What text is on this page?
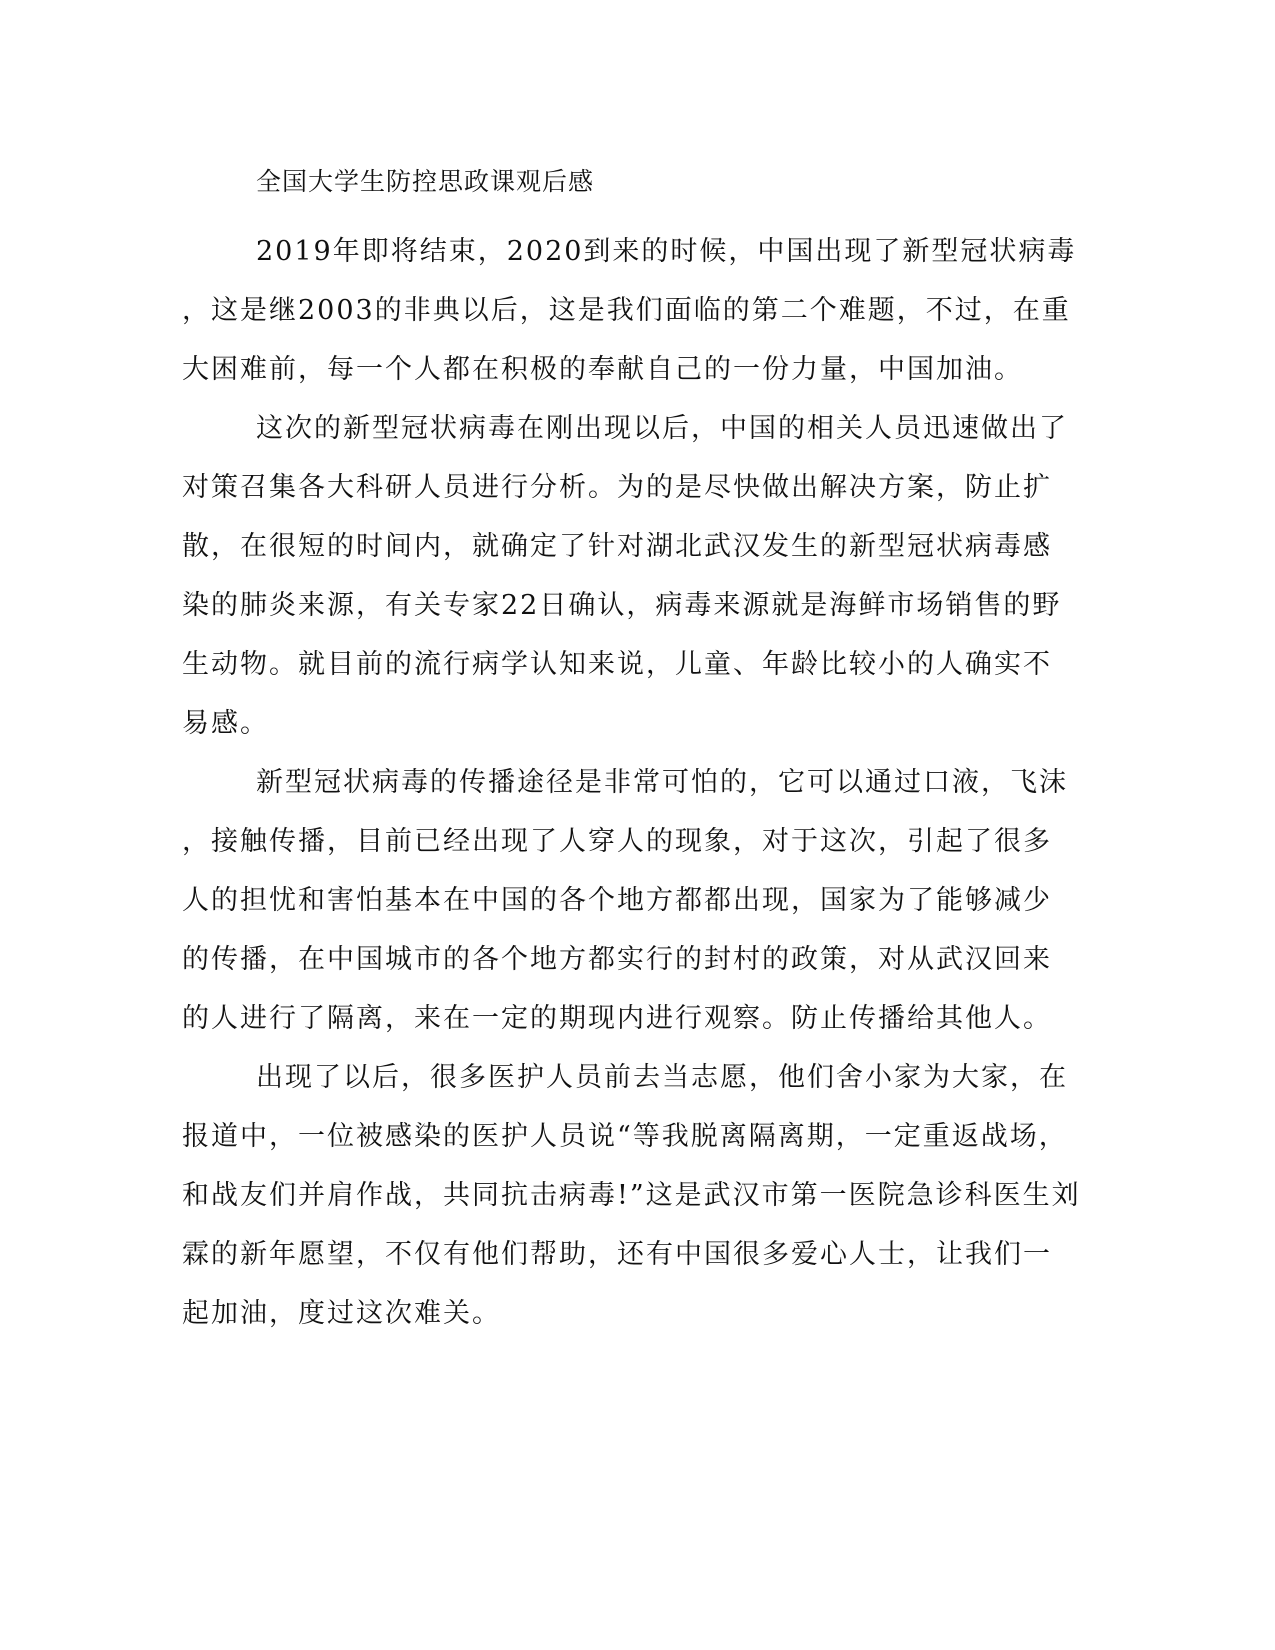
全国大学生防控思政课观后感

2019年即将结束，2020到来的时候，中国出现了新型冠状病毒
，这是继2003的非典以后，这是我们面临的第二个难题，不过，在重
大困难前，每一个人都在积极的奉献自己的一份力量，中国加油。

这次的新型冠状病毒在刚出现以后，中国的相关人员迅速做出了
对策召集各大科研人员进行分析。为的是尽快做出解决方案，防止扩
散，在很短的时间内，就确定了针对湖北武汉发生的新型冠状病毒感
染的肺炎来源，有关专家22日确认，病毒来源就是海鲜市场销售的野
生动物。就目前的流行病学认知来说，儿童、年龄比较小的人确实不
易感。

新型冠状病毒的传播途径是非常可怕的，它可以通过口液，飞沫
，接触传播，目前已经出现了人穿人的现象，对于这次，引起了很多
人的担忧和害怕基本在中国的各个地方都都出现，国家为了能够减少
的传播，在中国城市的各个地方都实行的封村的政策，对从武汉回来
的人进行了隔离，来在一定的期现内进行观察。防止传播给其他人。

出现了以后，很多医护人员前去当志愿，他们舍小家为大家，在
报道中，一位被感染的医护人员说“等我脱离隔离期，一定重返战场，
和战友们并肩作战，共同抗击病毒!”这是武汉市第一医院急诊科医生刘
霖的新年愿望，不仅有他们帮助，还有中国很多爱心人士，让我们一
起加油，度过这次难关。
